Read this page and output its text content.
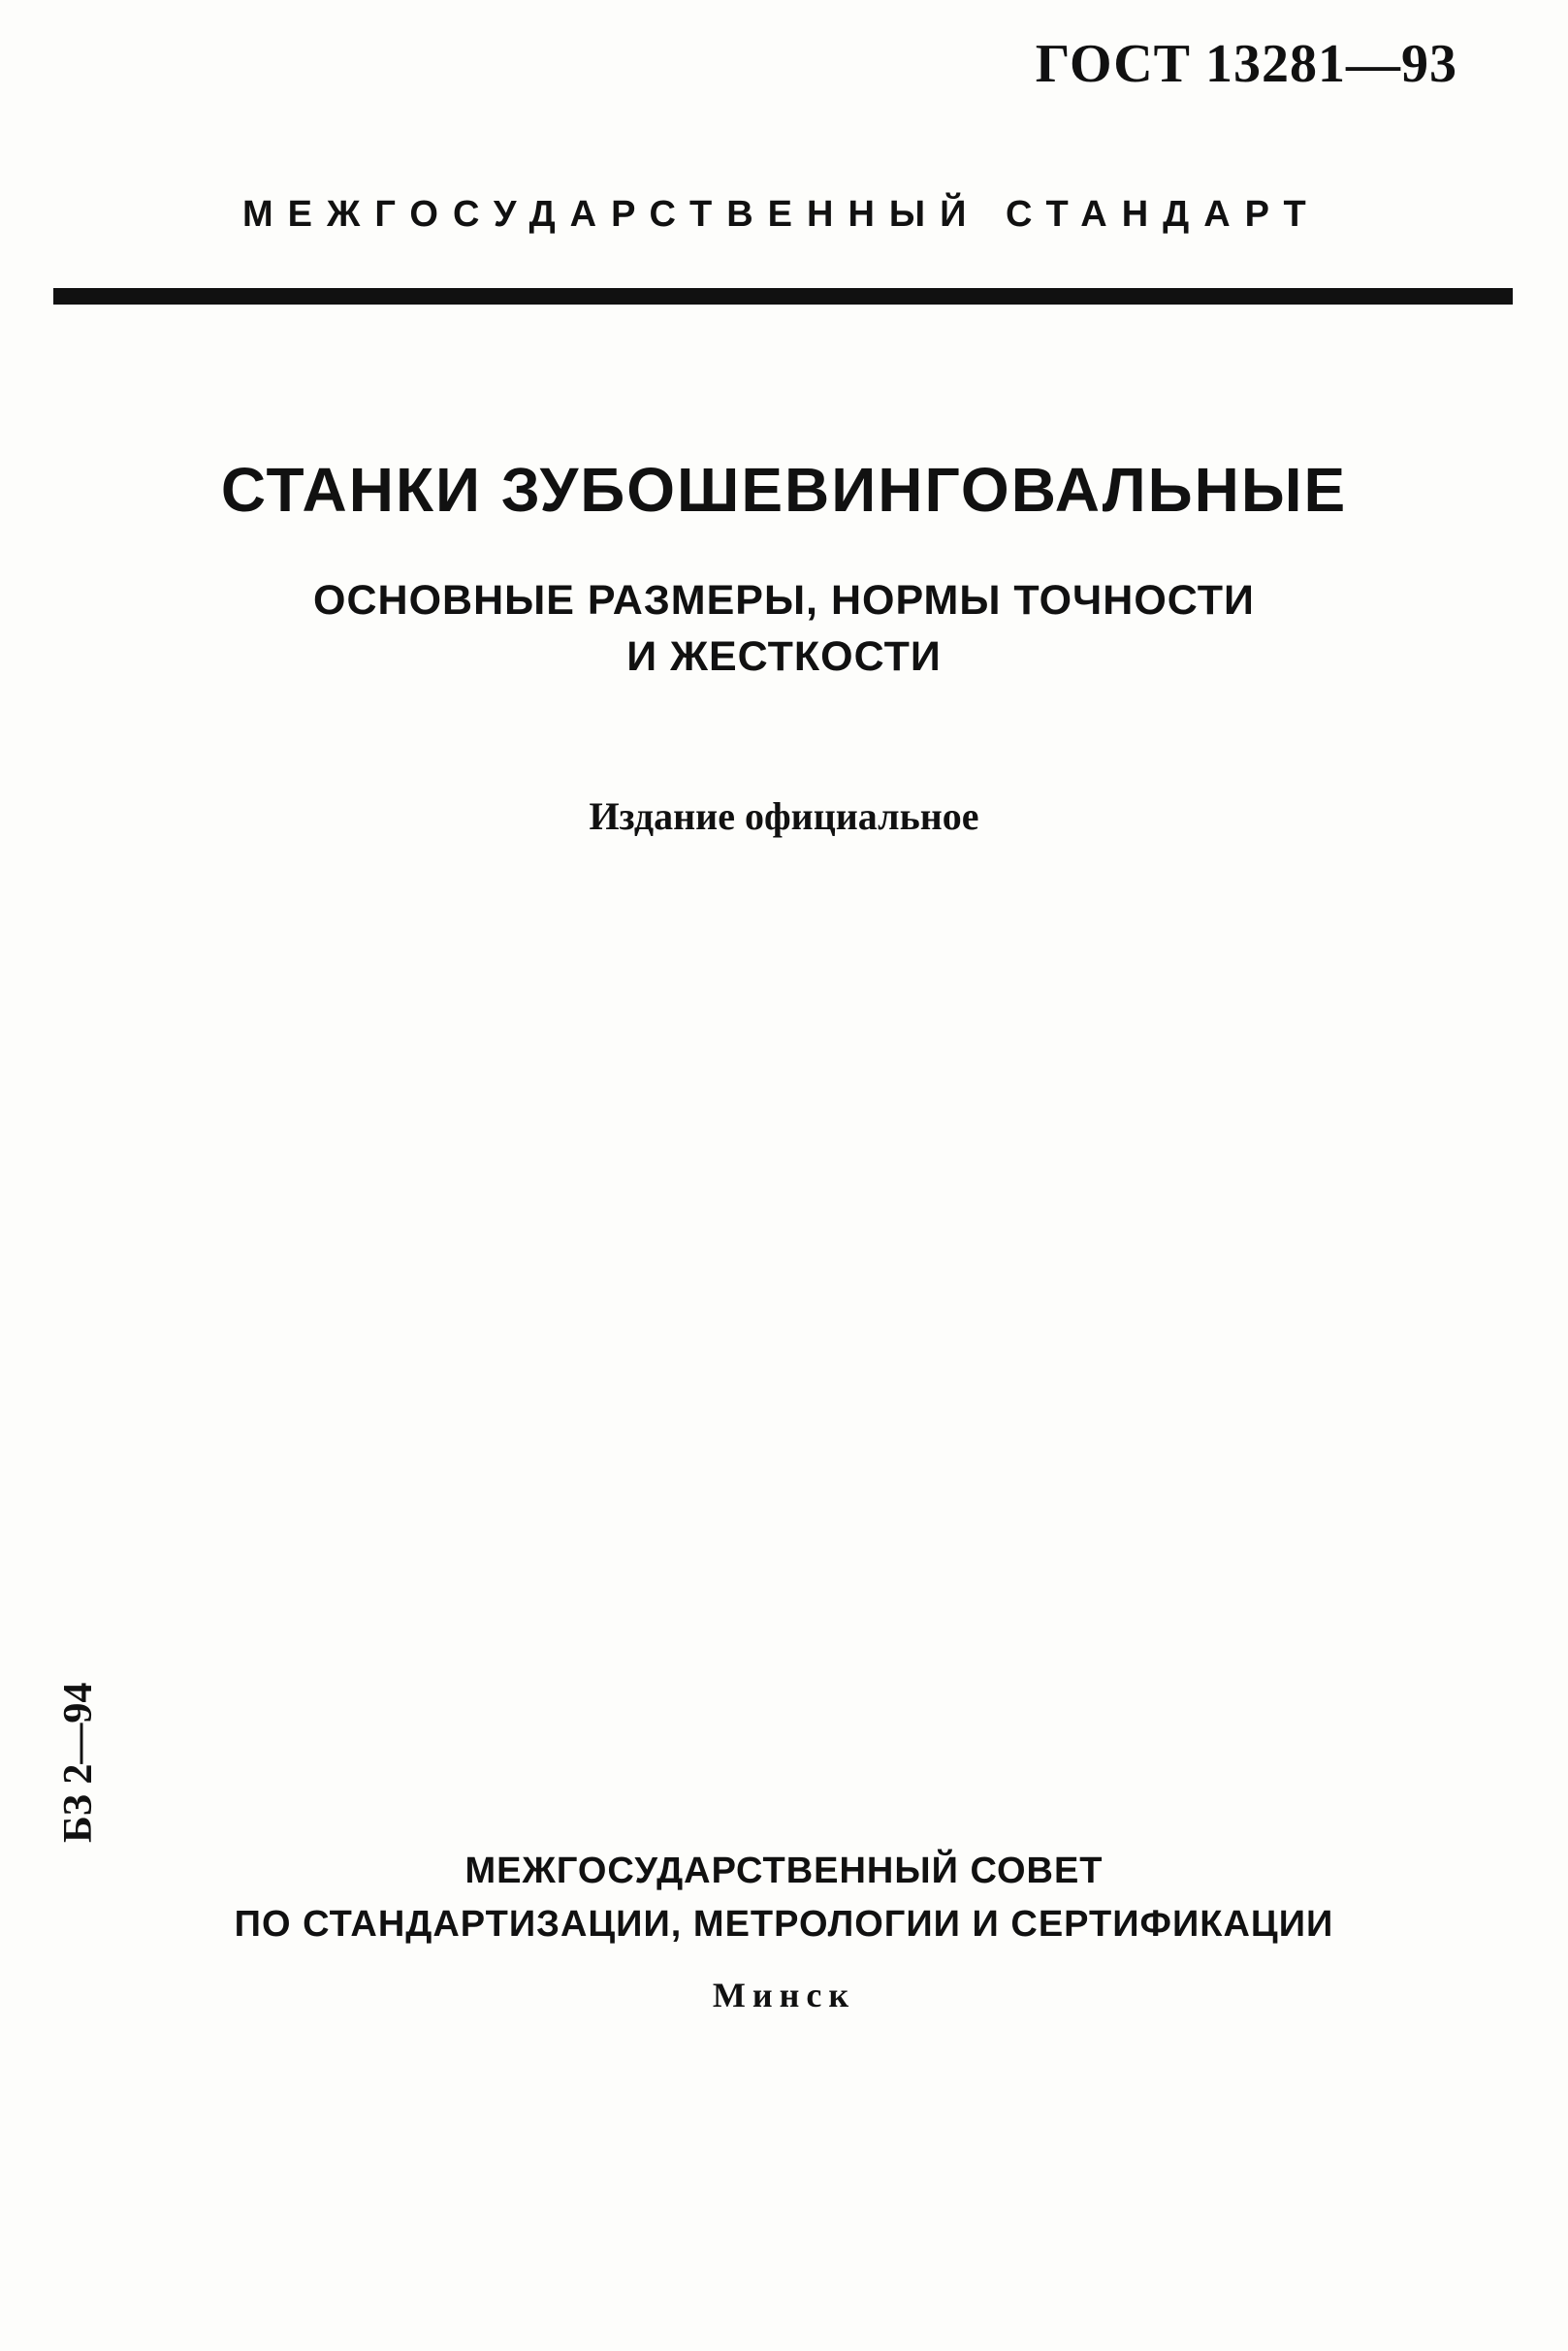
ГОСТ 13281—93
МЕЖГОСУДАРСТВЕННЫЙ СТАНДАРТ
СТАНКИ ЗУБОШЕВИНГОВАЛЬНЫЕ
ОСНОВНЫЕ РАЗМЕРЫ, НОРМЫ ТОЧНОСТИ
И ЖЕСТКОСТИ
Издание официальное
БЗ 2—94
МЕЖГОСУДАРСТВЕННЫЙ СОВЕТ
ПО СТАНДАРТИЗАЦИИ, МЕТРОЛОГИИ И СЕРТИФИКАЦИИ
Минск
